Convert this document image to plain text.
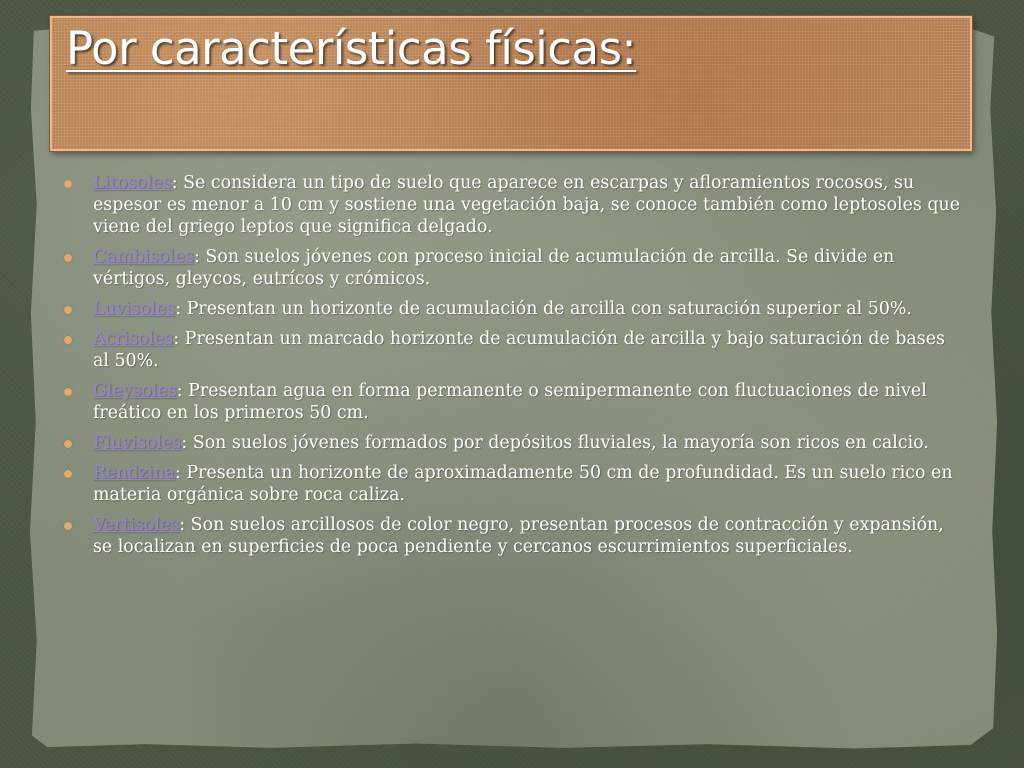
Por características físicas:
Litosoles: Se considera un tipo de suelo que aparece en escarpas y afloramientos rocosos, su espesor es menor a 10 cm y sostiene una vegetación baja, se conoce también como leptosoles que viene del griego leptos que significa delgado.
Cambisoles: Son suelos jóvenes con proceso inicial de acumulación de arcilla. Se divide en vértigos, gleycos, eutrícos y crómicos.
Luvisoles: Presentan un horizonte de acumulación de arcilla con saturación superior al 50%.
Acrisoles: Presentan un marcado horizonte de acumulación de arcilla y bajo saturación de bases al 50%.
Gleysoles: Presentan agua en forma permanente o semipermanente con fluctuaciones de nivel freático en los primeros 50 cm.
Fluvisoles: Son suelos jóvenes formados por depósitos fluviales, la mayoría son ricos en calcio.
Rendzina: Presenta un horizonte de aproximadamente 50 cm de profundidad. Es un suelo rico en materia orgánica sobre roca caliza.
Vertisoles: Son suelos arcillosos de color negro, presentan procesos de contracción y expansión, se localizan en superficies de poca pendiente y cercanos escurrimientos superficiales.
